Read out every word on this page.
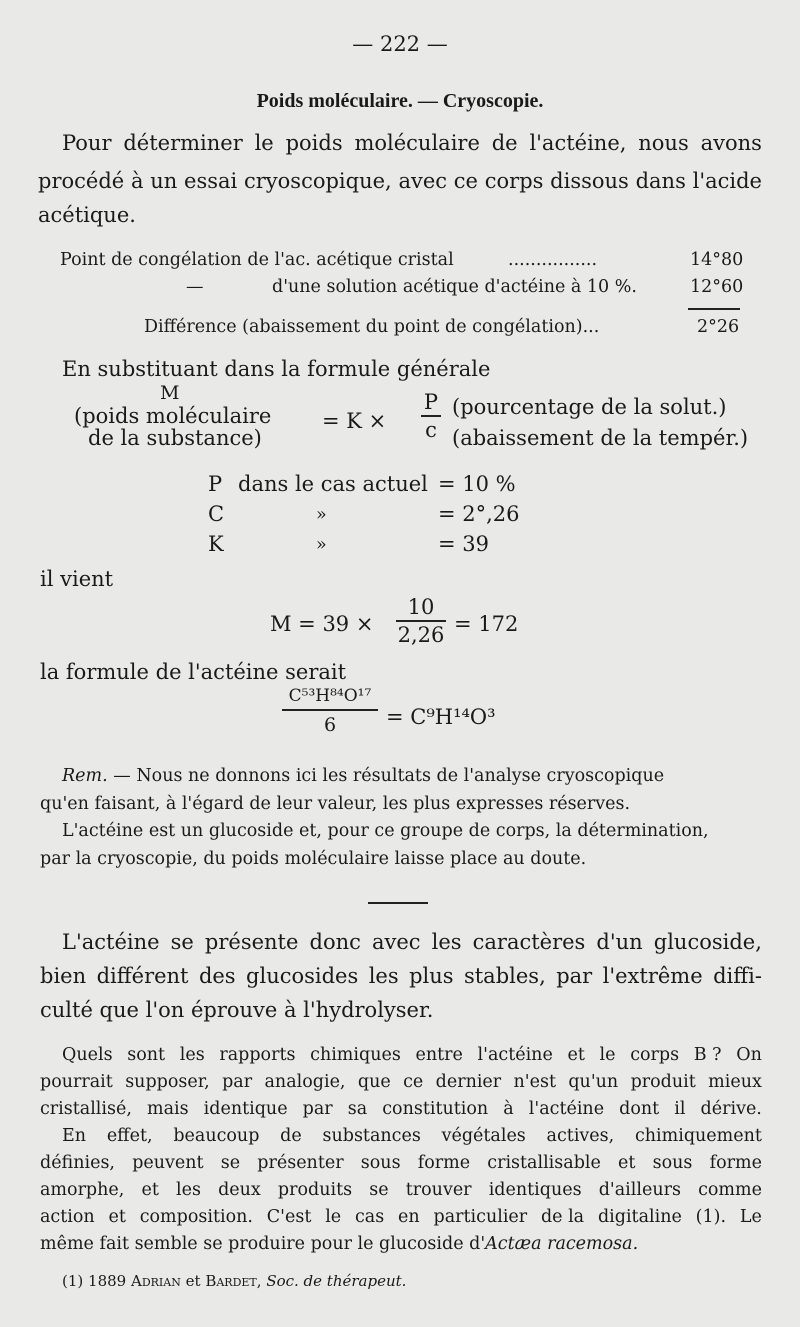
— 222 —
Poids moléculaire. — Cryoscopie.
Pour déterminer le poids moléculaire de l'actéine, nous avons
procédé à un essai cryoscopique, avec ce corps dissous dans l'acide
acétique.
Point de congélation de l'ac. acétique cristal	................	14°80
—	d'une solution acétique d'actéine à 10 %.	12°60
Différence (abaissement du point de congélation)...	2°26
En substituant dans la formule générale
M
(poids moléculaire
de la substance)
= K ×
P
c
(pourcentage de la solut.)
(abaissement de la tempér.)
P dans le cas actuel = 10 %
C	»	= 2°,26
K	»	= 39
il vient
M = 39 ×
10
2,26 = 172
la formule de l'actéine serait
C⁵³H⁸⁴O¹⁷
6	= C⁹H¹⁴O³
Rem. — Nous ne donnons ici les résultats de l'analyse cryoscopique
qu'en faisant, à l'égard de leur valeur, les plus expresses réserves.
L'actéine est un glucoside et, pour ce groupe de corps, la détermination,
par la cryoscopie, du poids moléculaire laisse place au doute.
L'actéine se présente donc avec les caractères d'un glucoside,
bien différent des glucosides les plus stables, par l'extrême diffi-
culté que l'on éprouve à l'hydrolyser.
Quels sont les rapports chimiques entre l'actéine et le corps B ? On
pourrait supposer, par analogie, que ce dernier n'est qu'un produit mieux
cristallisé, mais identique par sa constitution à l'actéine dont il dérive.
En effet, beaucoup de substances végétales actives, chimiquement
définies, peuvent se présenter sous forme cristallisable et sous forme
amorphe, et les deux produits se trouver identiques d'ailleurs comme
action et composition. C'est le cas en particulier de la digitaline (1). Le
même fait semble se produire pour le glucoside d'Actæa racemosa.
(1) 1889 Adrian et Bardet, Soc. de thérapeut.
